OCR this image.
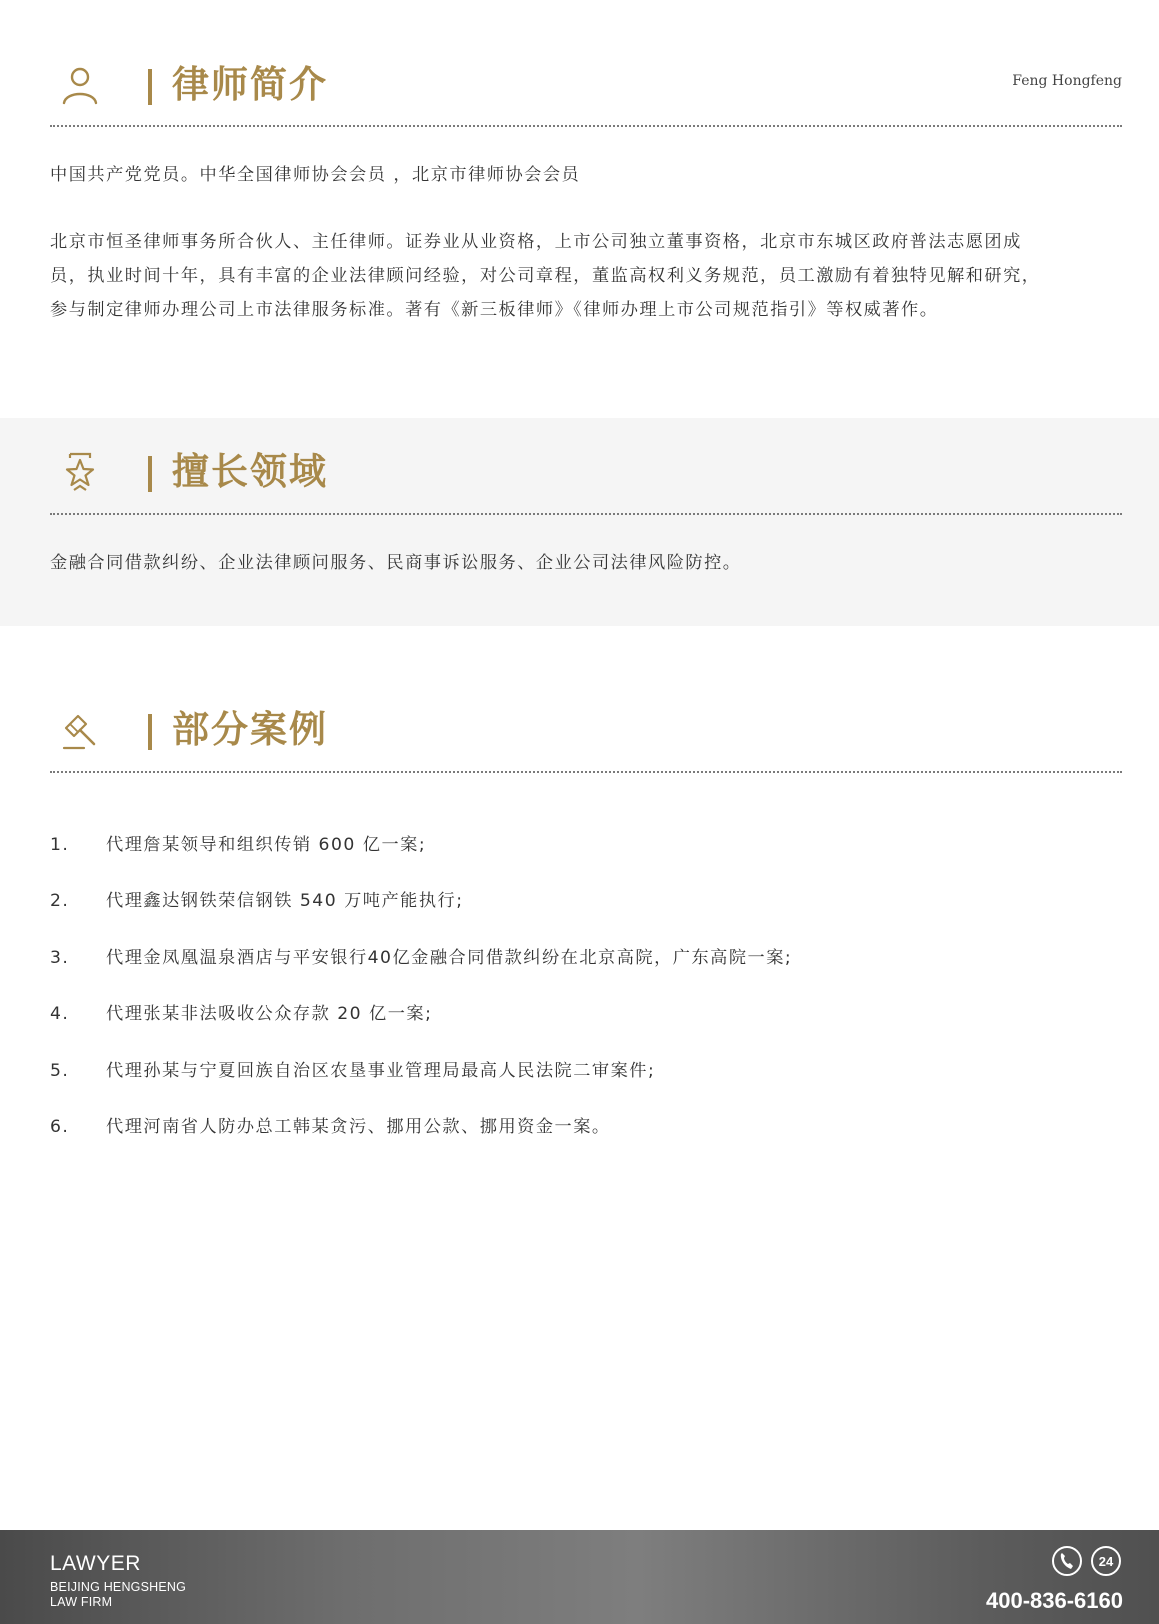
律师简介	Feng Hongfeng

中国共产党党员。中华全国律师协会会员 ，北京市律师协会会员

北京市恒圣律师事务所合伙人、主任律师。证券业从业资格，上市公司独立董事资格，北京市东城区政府普法志愿团成
员，执业时间十年，具有丰富的企业法律顾问经验，对公司章程，董监高权利义务规范，员工激励有着独特见解和研究，
参与制定律师办理公司上市法律服务标准。著有《新三板律师》《律师办理上市公司规范指引》等权威著作。
擅长领域

金融合同借款纠纷、企业法律顾问服务、民商事诉讼服务、企业公司法律风险防控。

部分案例
1. 代理詹某领导和组织传销 600 亿一案;
2. 代理鑫达钢铁荣信钢铁 540 万吨产能执行;
3. 代理金凤凰温泉酒店与平安银行40亿金融合同借款纠纷在北京高院，广东高院一案;
4. 代理张某非法吸收公众存款 20 亿一案;
5. 代理孙某与宁夏回族自治区农垦事业管理局最高人民法院二审案件;
6. 代理河南省人防办总工韩某贪污、挪用公款、挪用资金一案。
LAWYER
BEIJING HENGSHENG
LAW FIRM
24
400-836-6160
